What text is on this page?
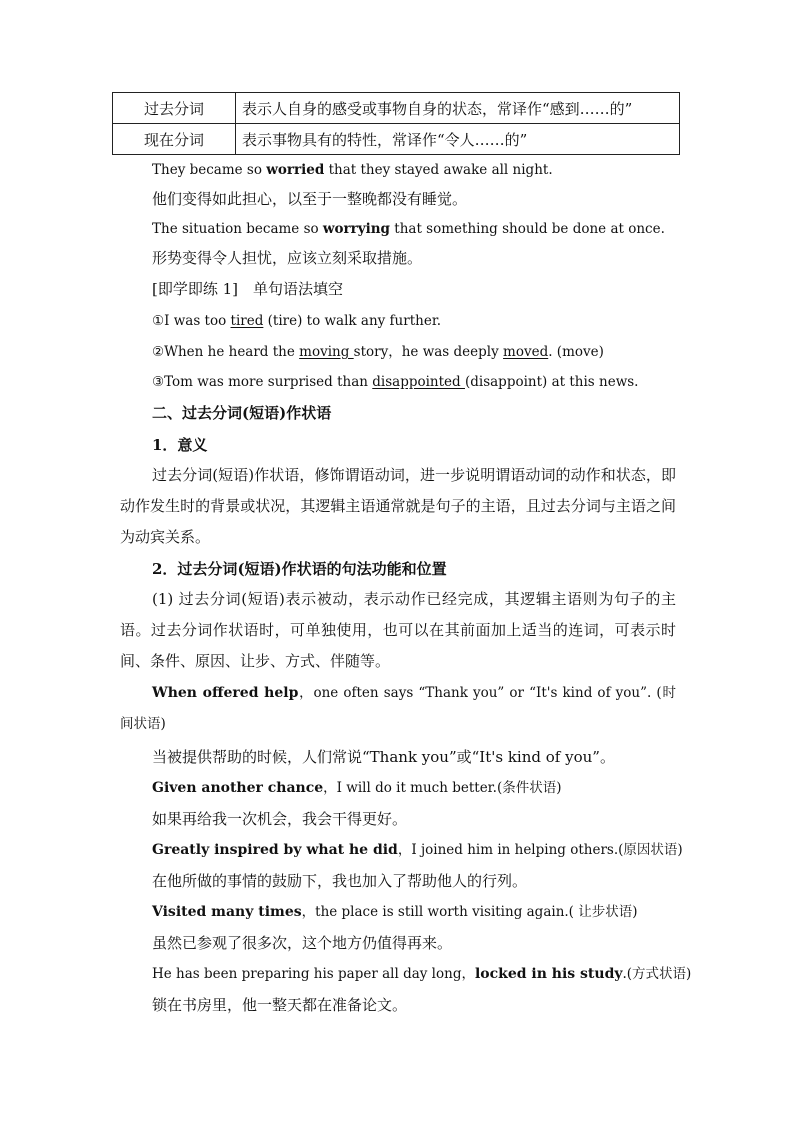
过去分词	表示人自身的感受或事物自身的状态，常译作“感到……的”
现在分词	表示事物具有的特性，常译作“令人……的”
They became so worried that they stayed awake all night.
他们变得如此担心，以至于一整晚都没有睡觉。
The situation became so worrying that something should be done at once.
形势变得令人担忧，应该立刻采取措施。
[即学即练 1]　单句语法填空
①I was too tired (tire) to walk any further.
②When he heard the moving story，he was deeply moved. (move)
③Tom was more surprised than disappointed (disappoint) at this news.
二、过去分词(短语)作状语
1．意义
过去分词(短语)作状语，修饰谓语动词，进一步说明谓语动词的动作和状态，即动作发生时的背景或状况，其逻辑主语通常就是句子的主语，且过去分词与主语之间为动宾关系。
2．过去分词(短语)作状语的句法功能和位置
(1) 过去分词(短语)表示被动，表示动作已经完成，其逻辑主语则为句子的主语。过去分词作状语时，可单独使用，也可以在其前面加上适当的连词，可表示时间、条件、原因、让步、方式、伴随等。
When offered help，one often says “Thank you” or “It's kind of you”. (时间状语)
当被提供帮助的时候，人们常说“Thank you”或“It's kind of you”。
Given another chance，I will do it much better.(条件状语)
如果再给我一次机会，我会干得更好。
Greatly inspired by what he did，I joined him in helping others.(原因状语)
在他所做的事情的鼓励下，我也加入了帮助他人的行列。
Visited many times，the place is still worth visiting again.( 让步状语)
虽然已参观了很多次，这个地方仍值得再来。
He has been preparing his paper all day long，locked in his study.(方式状语)
锁在书房里，他一整天都在准备论文。
